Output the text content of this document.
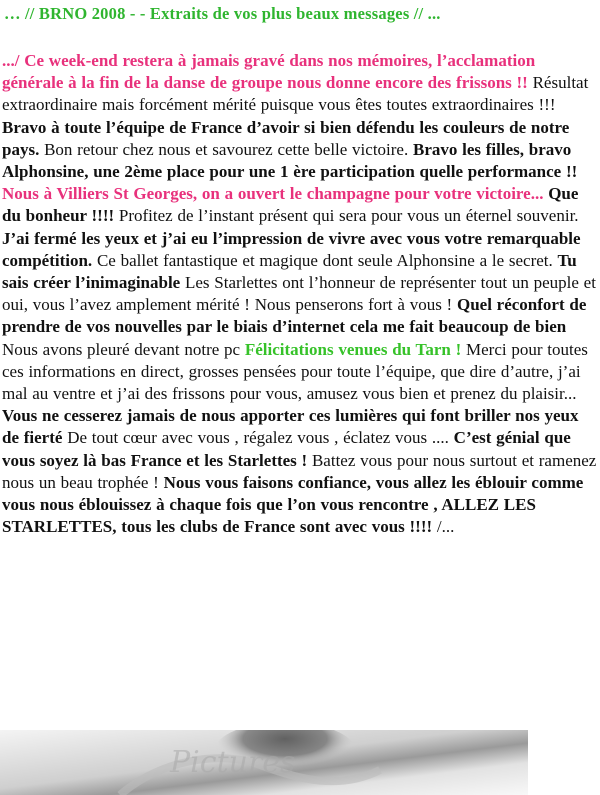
… // BRNO 2008 - - Extraits de vos plus beaux messages // ...
.../ Ce week-end restera à jamais gravé dans nos mémoires, l’acclamation générale à la fin de la danse de groupe nous donne encore des frissons !! Résultat extraordinaire mais forcément mérité puisque vous êtes toutes extraordinaires !!! Bravo à toute l’équipe de France d’avoir si bien défendu les couleurs de notre pays. Bon retour chez nous et savourez cette belle victoire. Bravo les filles, bravo Alphonsine, une 2ème place pour une 1 ère participation quelle performance !! Nous à Villiers St Georges, on a ouvert le champagne pour votre victoire... Que du bonheur !!!! Profitez de l’instant présent qui sera pour vous un éternel souvenir. J’ai fermé les yeux et j’ai eu l’impression de vivre avec vous votre remarquable compétition. Ce ballet fantastique et magique dont seule Alphonsine a le secret. Tu sais créer l’inimaginable Les Starlettes ont l’honneur de représenter tout un peuple et oui, vous l’avez amplement mérité ! Nous penserons fort à vous ! Quel réconfort de prendre de vos nouvelles par le biais d’internet cela me fait beaucoup de bien Nous avons pleuré devant notre pc Félicitations venues du Tarn ! Merci pour toutes ces informations en direct, grosses pensées pour toute l’équipe, que dire d’autre, j’ai mal au ventre et j’ai des frissons pour vous, amusez vous bien et prenez du plaisir... Vous ne cesserez jamais de nous apporter ces lumières qui font briller nos yeux de fierté De tout cœur avec vous , régalez vous , éclatez vous .... C’est génial que vous soyez là bas France et les Starlettes ! Battez vous pour nous surtout et ramenez nous un beau trophée ! Nous vous faisons confiance, vous allez les éblouir comme vous nous éblouissez à chaque fois que l’on vous rencontre , ALLEZ LES STARLETTES, tous les clubs de France sont avec vous !!!! /...
Pictures
